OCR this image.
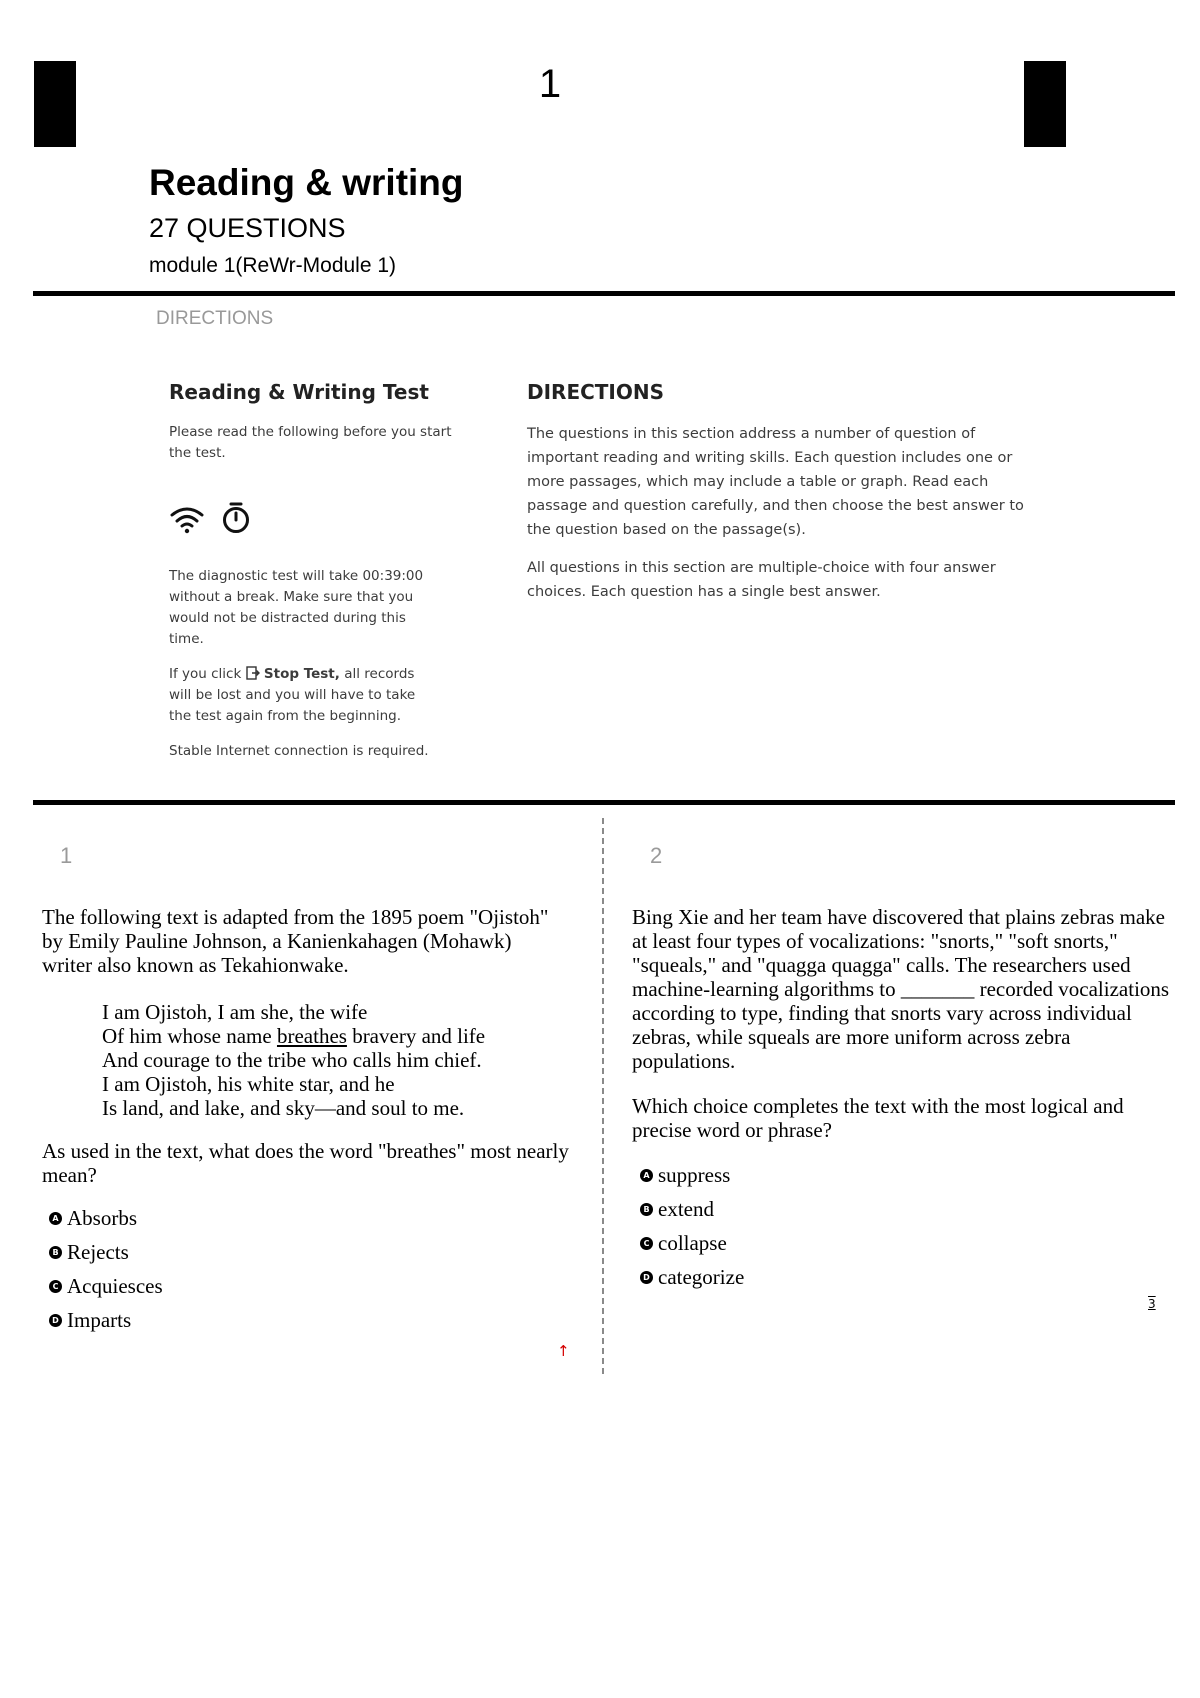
1
Reading & writing
27 QUESTIONS
module 1(ReWr-Module 1)
DIRECTIONS
Reading & Writing Test
Please read the following before you start the test.

The diagnostic test will take 00:39:00 without a break. Make sure that you would not be distracted during this time.
If you click Stop Test, all records will be lost and you will have to take the test again from the beginning.
Stable Internet connection is required.
DIRECTIONS
The questions in this section address a number of question of important reading and writing skills. Each question includes one or more passages, which may include a table or graph. Read each passage and question carefully, and then choose the best answer to the question based on the passage(s).
All questions in this section are multiple-choice with four answer choices. Each question has a single best answer.
1
The following text is adapted from the 1895 poem "Ojistoh" by Emily Pauline Johnson, a Kanienkahagen (Mohawk) writer also known as Tekahionwake.
I am Ojistoh, I am she, the wife
Of him whose name breathes bravery and life
And courage to the tribe who calls him chief.
I am Ojistoh, his white star, and he
Is land, and lake, and sky—and soul to me.
As used in the text, what does the word "breathes" most nearly mean?
A Absorbs
B Rejects
C Acquiesces
D Imparts
↑
2
Bing Xie and her team have discovered that plains zebras make at least four types of vocalizations: "snorts," "soft snorts," "squeals," and "quagga quagga" calls. The researchers used machine-learning algorithms to _______ recorded vocalizations according to type, finding that snorts vary across individual zebras, while squeals are more uniform across zebra populations.
Which choice completes the text with the most logical and precise word or phrase?
A suppress
B extend
C collapse
D categorize
3
